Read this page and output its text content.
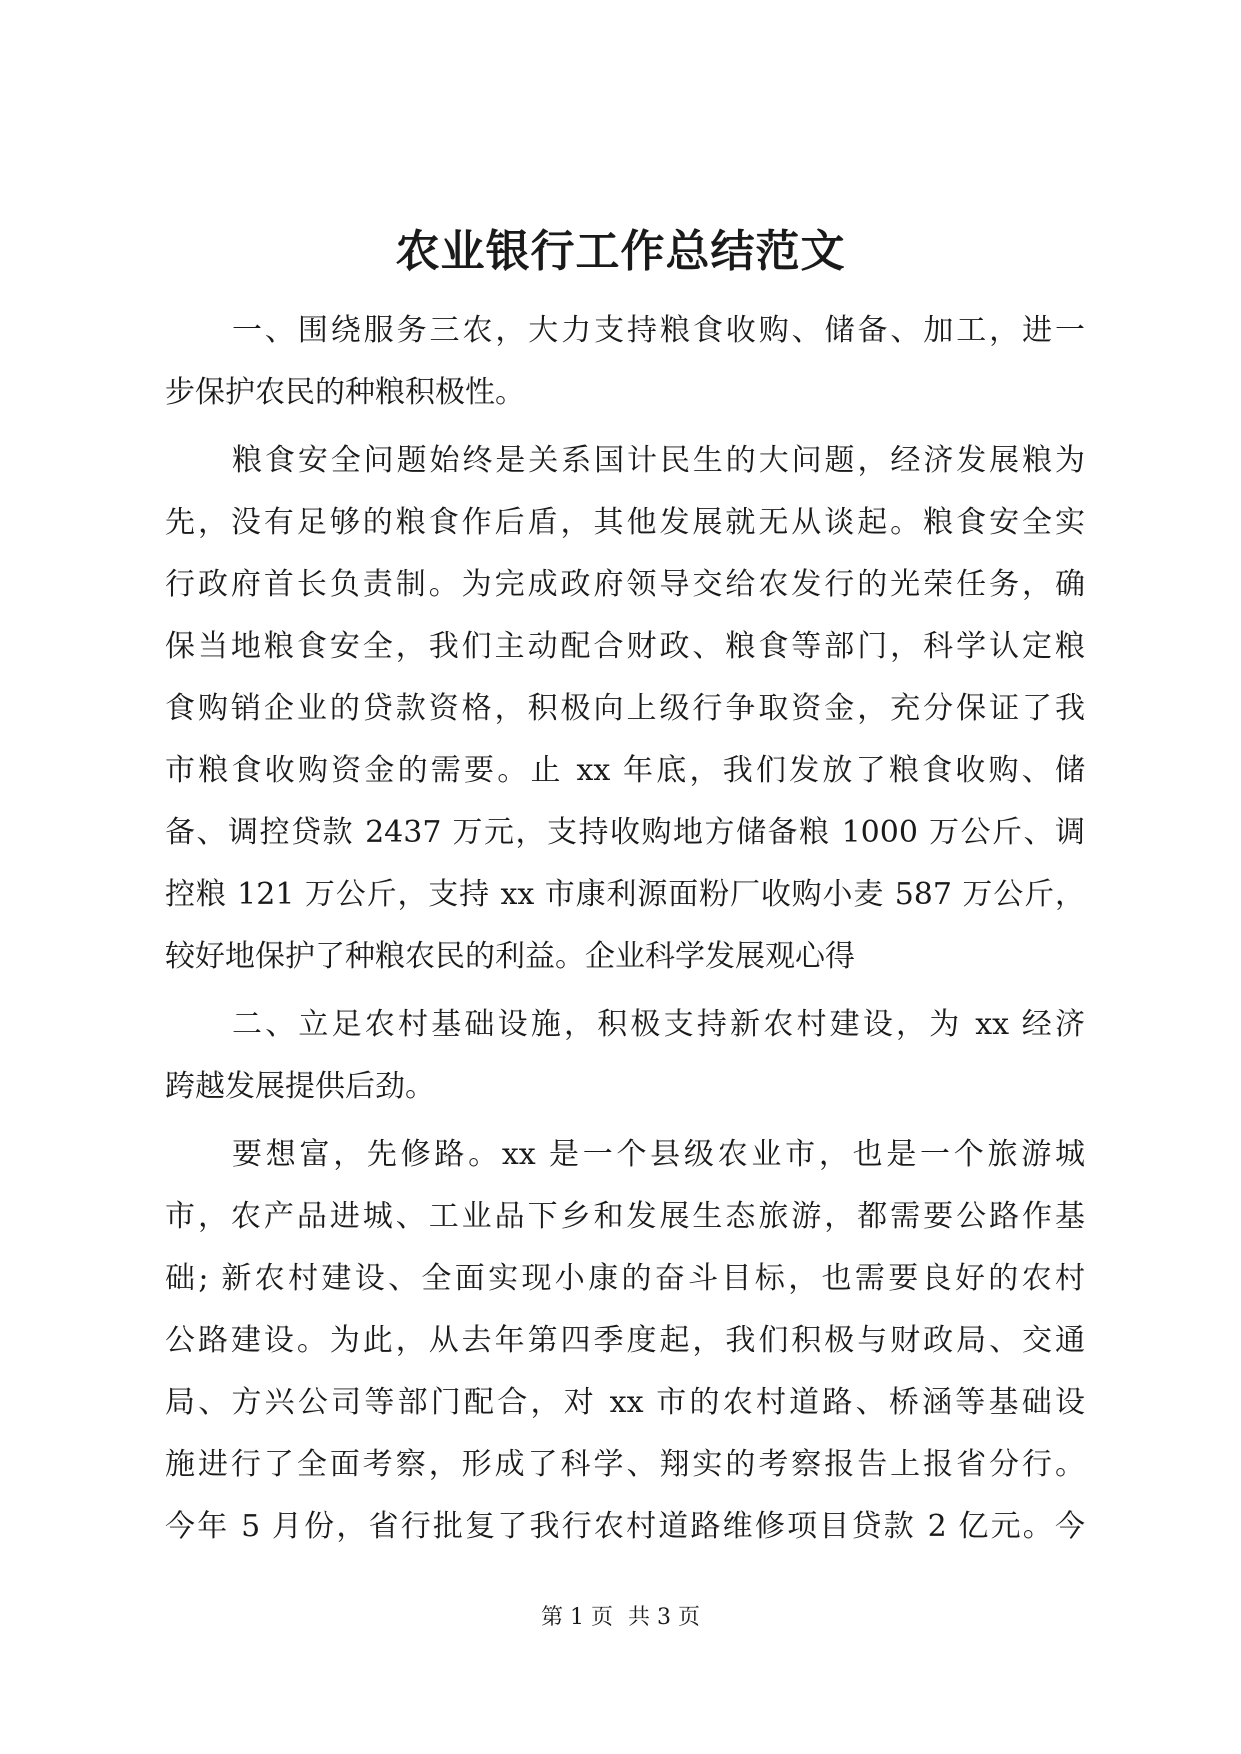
农业银行工作总结范文

一、围绕服务三农，大力支持粮食收购、储备、加工，进一

步保护农民的种粮积极性。

粮食安全问题始终是关系国计民生的大问题，经济发展粮为

先，没有足够的粮食作后盾，其他发展就无从谈起。粮食安全实

行政府首长负责制。为完成政府领导交给农发行的光荣任务，确

保当地粮食安全，我们主动配合财政、粮食等部门，科学认定粮

食购销企业的贷款资格，积极向上级行争取资金，充分保证了我

市粮食收购资金的需要。止 xx 年底，我们发放了粮食收购、储

备、调控贷款 2437 万元，支持收购地方储备粮 1000 万公斤、调

控粮 121 万公斤，支持 xx 市康利源面粉厂收购小麦 587 万公斤，

较好地保护了种粮农民的利益。企业科学发展观心得

二、立足农村基础设施，积极支持新农村建设，为 xx 经济

跨越发展提供后劲。

要想富，先修路。xx 是一个县级农业市，也是一个旅游城

市，农产品进城、工业品下乡和发展生态旅游，都需要公路作基

础; 新农村建设、全面实现小康的奋斗目标，也需要良好的农村

公路建设。为此，从去年第四季度起，我们积极与财政局、交通

局、方兴公司等部门配合，对 xx 市的农村道路、桥涵等基础设

施进行了全面考察，形成了科学、翔实的考察报告上报省分行。

今年 5 月份，省行批复了我行农村道路维修项目贷款 2 亿元。今

第 1 页 共 3 页
